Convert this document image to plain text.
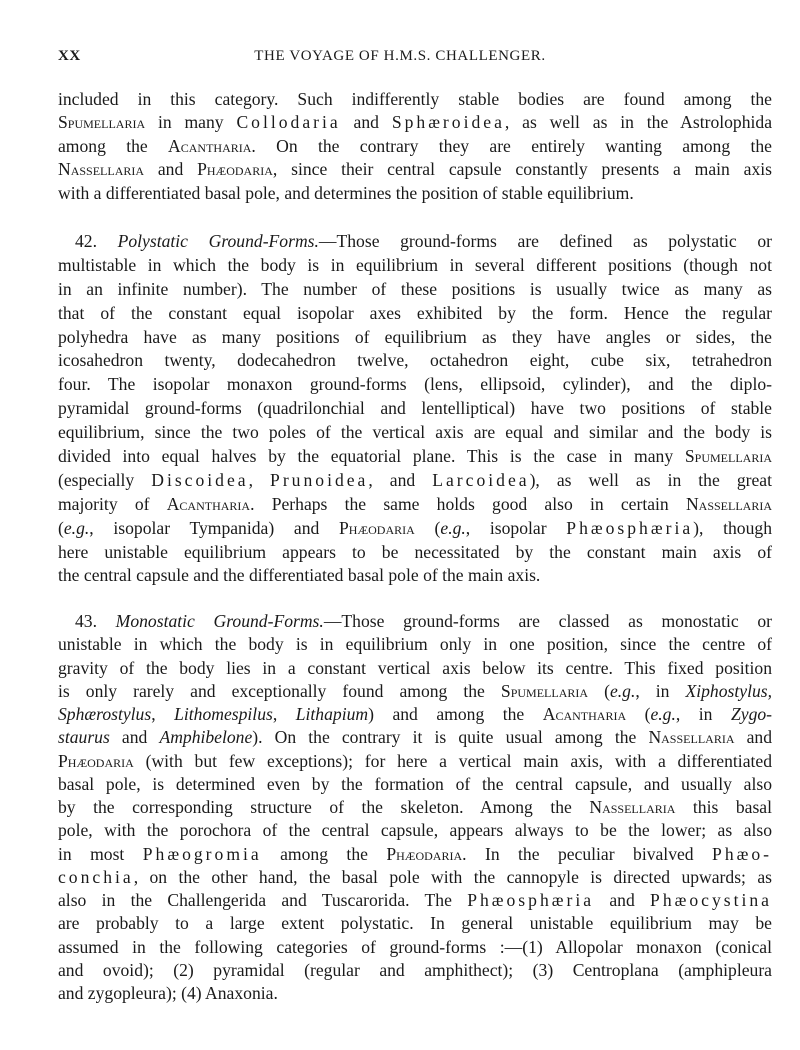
XX	THE VOYAGE OF H.M.S. CHALLENGER.
included in this category. Such indifferently stable bodies are found among the
Spumellaria in many Collodaria and Sphæroidea, as well as in the Astrolophida
among the Acantharia. On the contrary they are entirely wanting among the
Nassellaria and Phæodaria, since their central capsule constantly presents a main axis
with a differentiated basal pole, and determines the position of stable equilibrium.
42. Polystatic Ground-Forms.—Those ground-forms are defined as polystatic or
multistable in which the body is in equilibrium in several different positions (though not
in an infinite number). The number of these positions is usually twice as many as
that of the constant equal isopolar axes exhibited by the form. Hence the regular
polyhedra have as many positions of equilibrium as they have angles or sides, the
icosahedron twenty, dodecahedron twelve, octahedron eight, cube six, tetrahedron
four. The isopolar monaxon ground-forms (lens, ellipsoid, cylinder), and the diplo-
pyramidal ground-forms (quadrilonchial and lentelliptical) have two positions of stable
equilibrium, since the two poles of the vertical axis are equal and similar and the body is
divided into equal halves by the equatorial plane. This is the case in many Spumellaria
(especially Discoidea, Prunoidea, and Larcoidea), as well as in the great
majority of Acantharia. Perhaps the same holds good also in certain Nassellaria
(e.g., isopolar Tympanida) and Phæodaria (e.g., isopolar Phæosphæria), though
here unistable equilibrium appears to be necessitated by the constant main axis of
the central capsule and the differentiated basal pole of the main axis.
43. Monostatic Ground-Forms.—Those ground-forms are classed as monostatic or
unistable in which the body is in equilibrium only in one position, since the centre of
gravity of the body lies in a constant vertical axis below its centre. This fixed position
is only rarely and exceptionally found among the Spumellaria (e.g., in Xiphostylus,
Sphærostylus, Lithomespilus, Lithapium) and among the Acantharia (e.g., in Zygo-
staurus and Amphibelone). On the contrary it is quite usual among the Nassellaria and
Phæodaria (with but few exceptions); for here a vertical main axis, with a differentiated
basal pole, is determined even by the formation of the central capsule, and usually also
by the corresponding structure of the skeleton. Among the Nassellaria this basal
pole, with the porochora of the central capsule, appears always to be the lower; as also
in most Phæogromia among the Phæodaria. In the peculiar bivalved Phæo-
conchia, on the other hand, the basal pole with the cannopyle is directed upwards; as
also in the Challengerida and Tuscarorida. The Phæosphæria and Phæocystina
are probably to a large extent polystatic. In general unistable equilibrium may be
assumed in the following categories of ground-forms :—(1) Allopolar monaxon (conical
and ovoid); (2) pyramidal (regular and amphithect); (3) Centroplana (amphipleura
and zygopleura); (4) Anaxonia.
